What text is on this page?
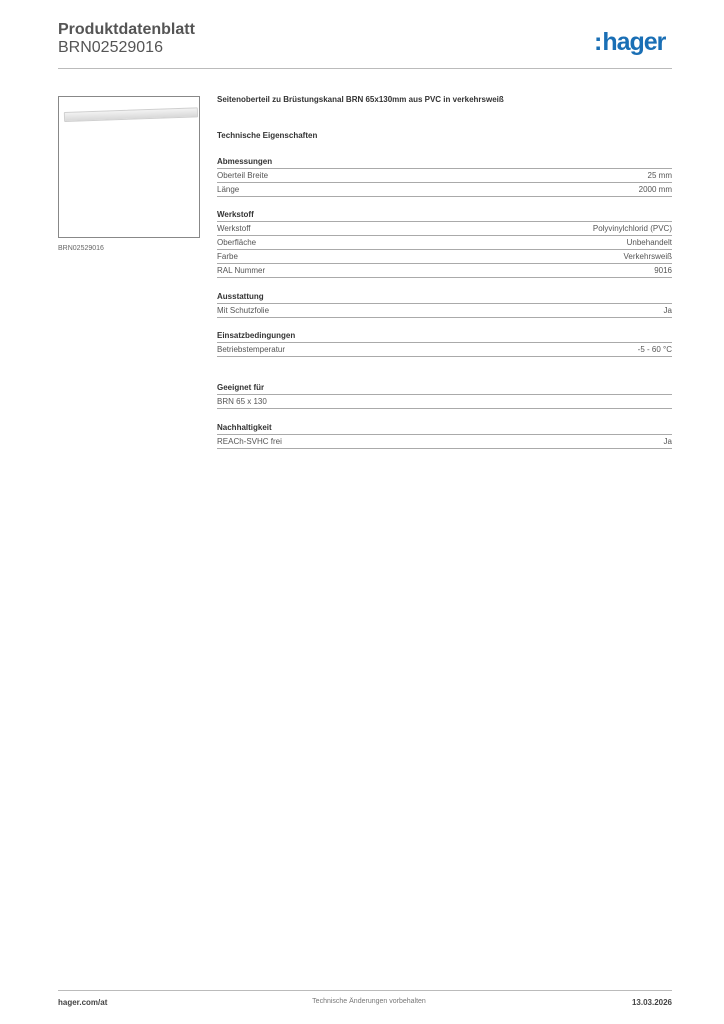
Produktdatenblatt
BRN02529016	:hager
BRN02529016
Seitenoberteil zu Brüstungskanal BRN 65x130mm aus PVC in verkehrsweiß
Technische Eigenschaften
Abmessungen
Oberteil Breite	25 mm
Länge	2000 mm
Werkstoff
Werkstoff	Polyvinylchlorid (PVC)
Oberfläche	Unbehandelt
Farbe	Verkehrsweiß
RAL Nummer	9016
Ausstattung
Mit Schutzfolie	Ja
Einsatzbedingungen
Betriebstemperatur	-5 - 60 °C
Geeignet für
BRN 65 x 130
Nachhaltigkeit
REACh-SVHC frei	Ja
hager.com/at	Technische Änderungen vorbehalten	13.03.2026
